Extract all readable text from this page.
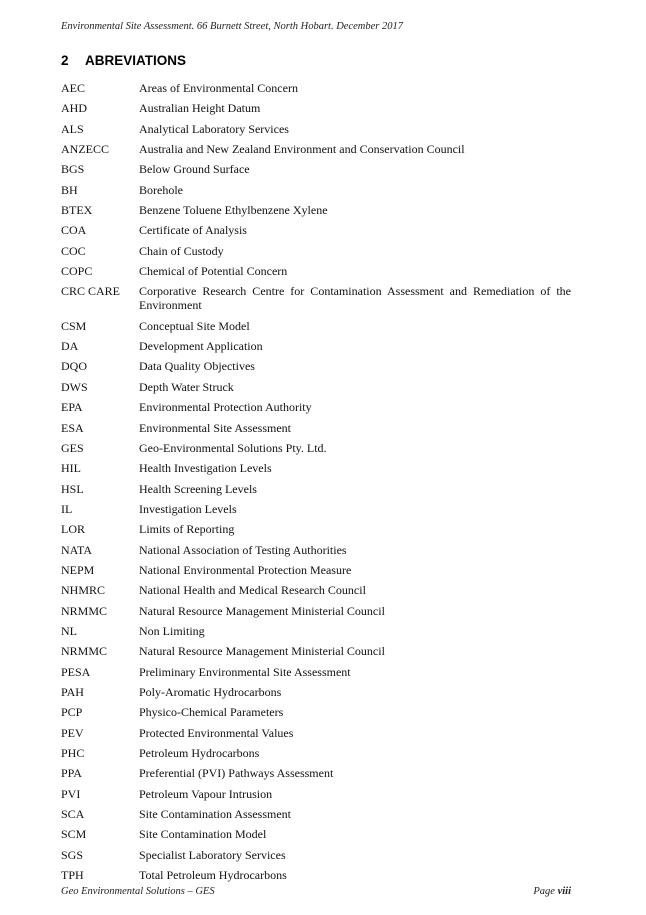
Environmental Site Assessment. 66 Burnett Street, North Hobart. December 2017
2 ABREVIATIONS
AEC	Areas of Environmental Concern
AHD	Australian Height Datum
ALS	Analytical Laboratory Services
ANZECC	Australia and New Zealand Environment and Conservation Council
BGS	Below Ground Surface
BH	Borehole
BTEX	Benzene Toluene Ethylbenzene Xylene
COA	Certificate of Analysis
COC	Chain of Custody
COPC	Chemical of Potential Concern
CRC CARE	Corporative Research Centre for Contamination Assessment and Remediation of the Environment
CSM	Conceptual Site Model
DA	Development Application
DQO	Data Quality Objectives
DWS	Depth Water Struck
EPA	Environmental Protection Authority
ESA	Environmental Site Assessment
GES	Geo-Environmental Solutions Pty. Ltd.
HIL	Health Investigation Levels
HSL	Health Screening Levels
IL	Investigation Levels
LOR	Limits of Reporting
NATA	National Association of Testing Authorities
NEPM	National Environmental Protection Measure
NHMRC	National Health and Medical Research Council
NRMMC	Natural Resource Management Ministerial Council
NL	Non Limiting
NRMMC	Natural Resource Management Ministerial Council
PESA	Preliminary Environmental Site Assessment
PAH	Poly-Aromatic Hydrocarbons
PCP	Physico-Chemical Parameters
PEV	Protected Environmental Values
PHC	Petroleum Hydrocarbons
PPA	Preferential (PVI) Pathways Assessment
PVI	Petroleum Vapour Intrusion
SCA	Site Contamination Assessment
SCM	Site Contamination Model
SGS	Specialist Laboratory Services
TPH	Total Petroleum Hydrocarbons
Geo Environmental Solutions – GES	Page viii
